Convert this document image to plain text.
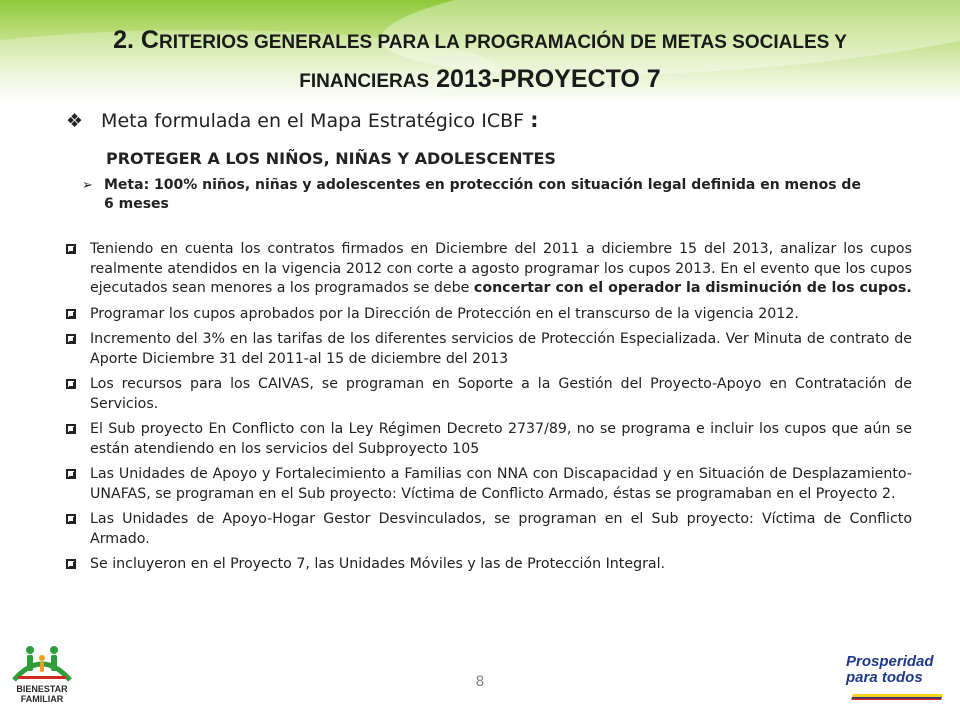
2. CRITERIOS GENERALES PARA LA PROGRAMACIÓN DE METAS SOCIALES Y
FINANCIERAS 2013-PROYECTO 7
❖ Meta formulada en el Mapa Estratégico ICBF :
PROTEGER A LOS NIÑOS, NIÑAS Y ADOLESCENTES
➢ Meta: 100% niños, niñas y adolescentes en protección con situación legal definida en menos de 6 meses
Teniendo en cuenta los contratos firmados en Diciembre del 2011 a diciembre 15 del 2013, analizar los cupos realmente atendidos en la vigencia 2012 con corte a agosto programar los cupos 2013. En el evento que los cupos ejecutados sean menores a los programados se debe concertar con el operador la disminución de los cupos.
Programar los cupos aprobados por la Dirección de Protección en el transcurso de la vigencia 2012.
Incremento del 3% en las tarifas de los diferentes servicios de Protección Especializada. Ver Minuta de contrato de Aporte Diciembre 31 del 2011-al 15 de diciembre del 2013
Los recursos para los CAIVAS, se programan en Soporte a la Gestión del Proyecto-Apoyo en Contratación de Servicios.
El Sub proyecto En Conflicto con la Ley Régimen Decreto 2737/89, no se programa e incluir los cupos que aún se están atendiendo en los servicios del Subproyecto 105
Las Unidades de Apoyo y Fortalecimiento a Familias con NNA con Discapacidad y en Situación de Desplazamiento-UNAFAS, se programan en el Sub proyecto: Víctima de Conflicto Armado, éstas se programaban en el Proyecto 2.
Las Unidades de Apoyo-Hogar Gestor Desvinculados, se programan en el Sub proyecto: Víctima de Conflicto Armado.
Se incluyeron en el Proyecto 7, las Unidades Móviles y las de Protección Integral.
8
BIENESTAR
FAMILIAR
Prosperidad
para todos
